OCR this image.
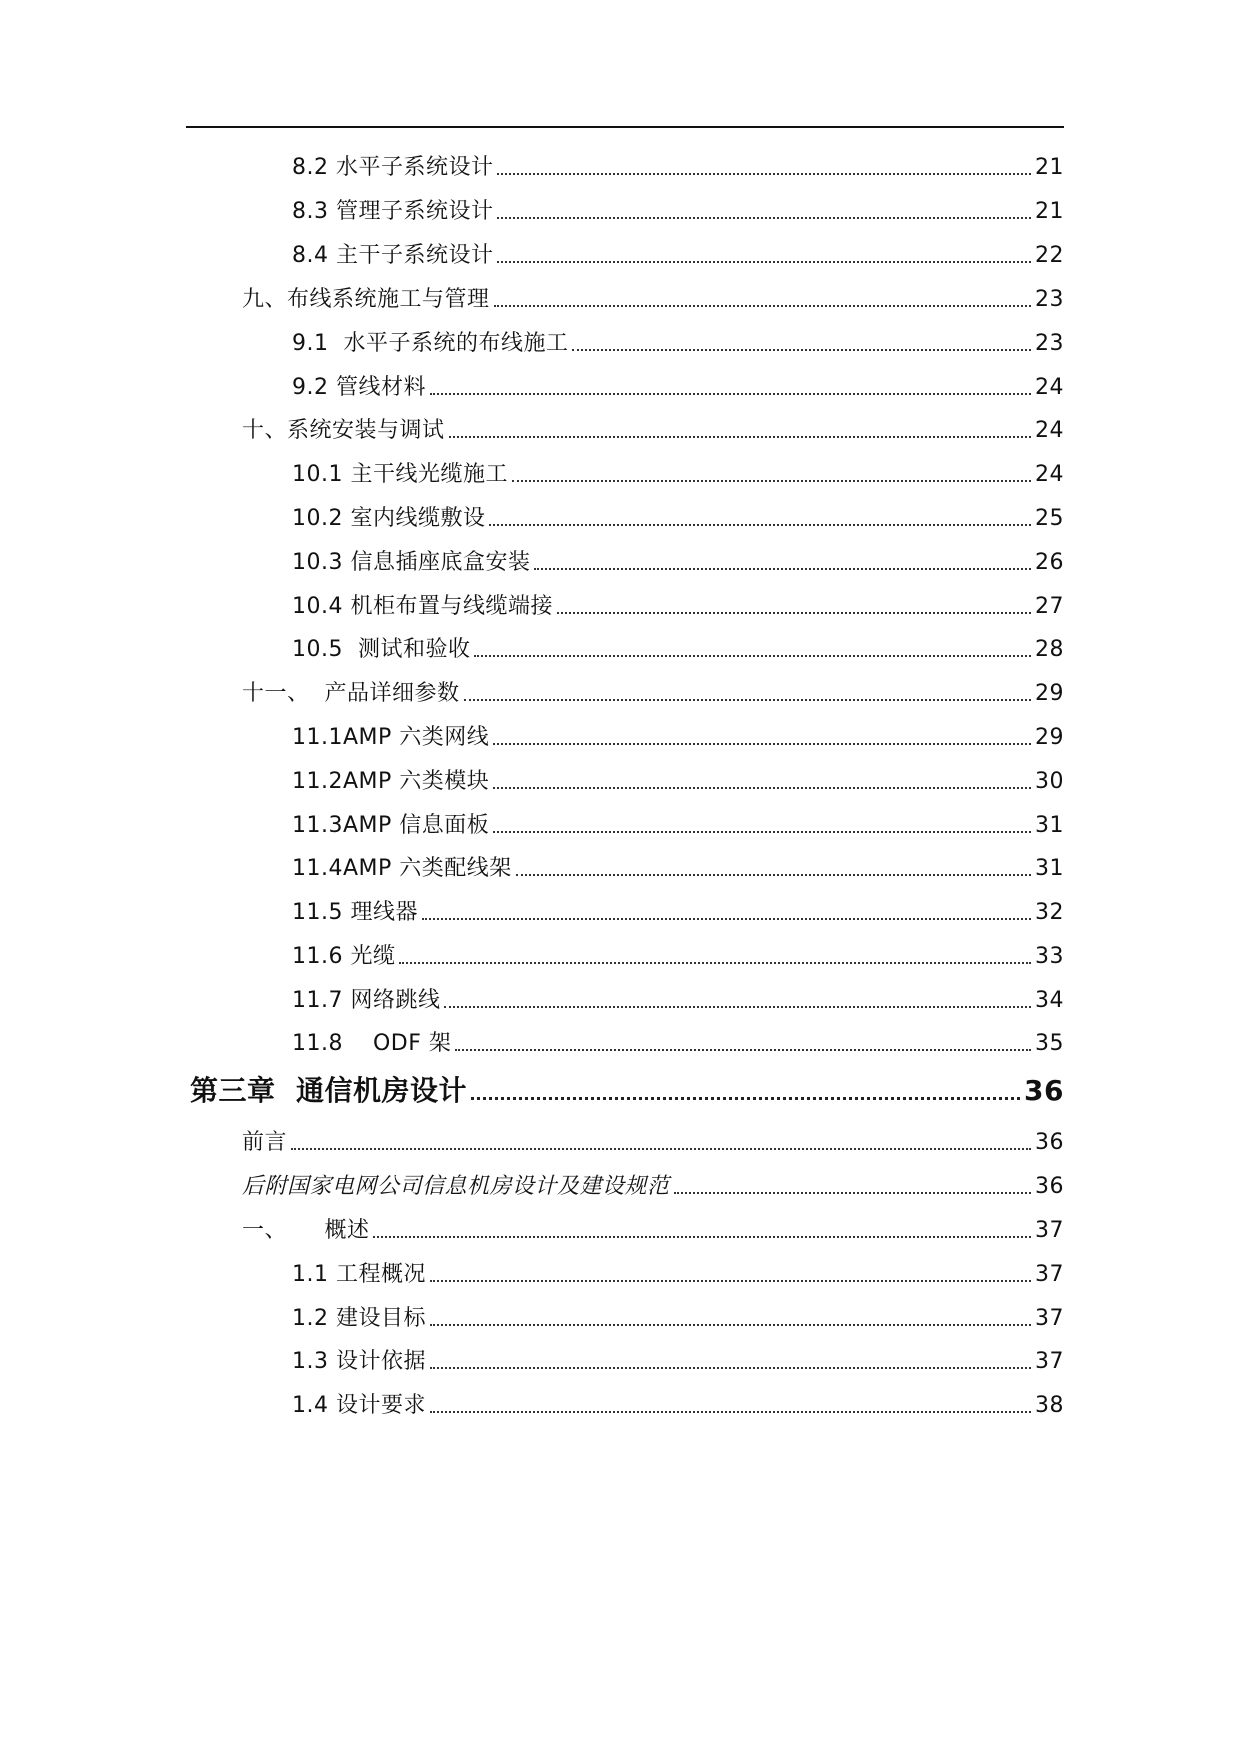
8.2 水平子系统设计	21
8.3 管理子系统设计	21
8.4 主干子系统设计	22
九、布线系统施工与管理	23
9.1  水平子系统的布线施工	23
9.2 管线材料	24
十、系统安装与调试	24
10.1 主干线光缆施工	24
10.2 室内线缆敷设	25
10.3 信息插座底盒安装	26
10.4 机柜布置与线缆端接	27
10.5  测试和验收	28
十一、  产品详细参数	29
11.1AMP 六类网线	29
11.2AMP 六类模块	30
11.3AMP 信息面板	31
11.4AMP 六类配线架	31
11.5 理线器	32
11.6 光缆	33
11.7 网络跳线	34
11.8    ODF 架	35
第三章  通信机房设计	36
前言	36
后附国家电网公司信息机房设计及建设规范	36
一、     概述	37
1.1 工程概况	37
1.2 建设目标	37
1.3 设计依据	37
1.4 设计要求	38
